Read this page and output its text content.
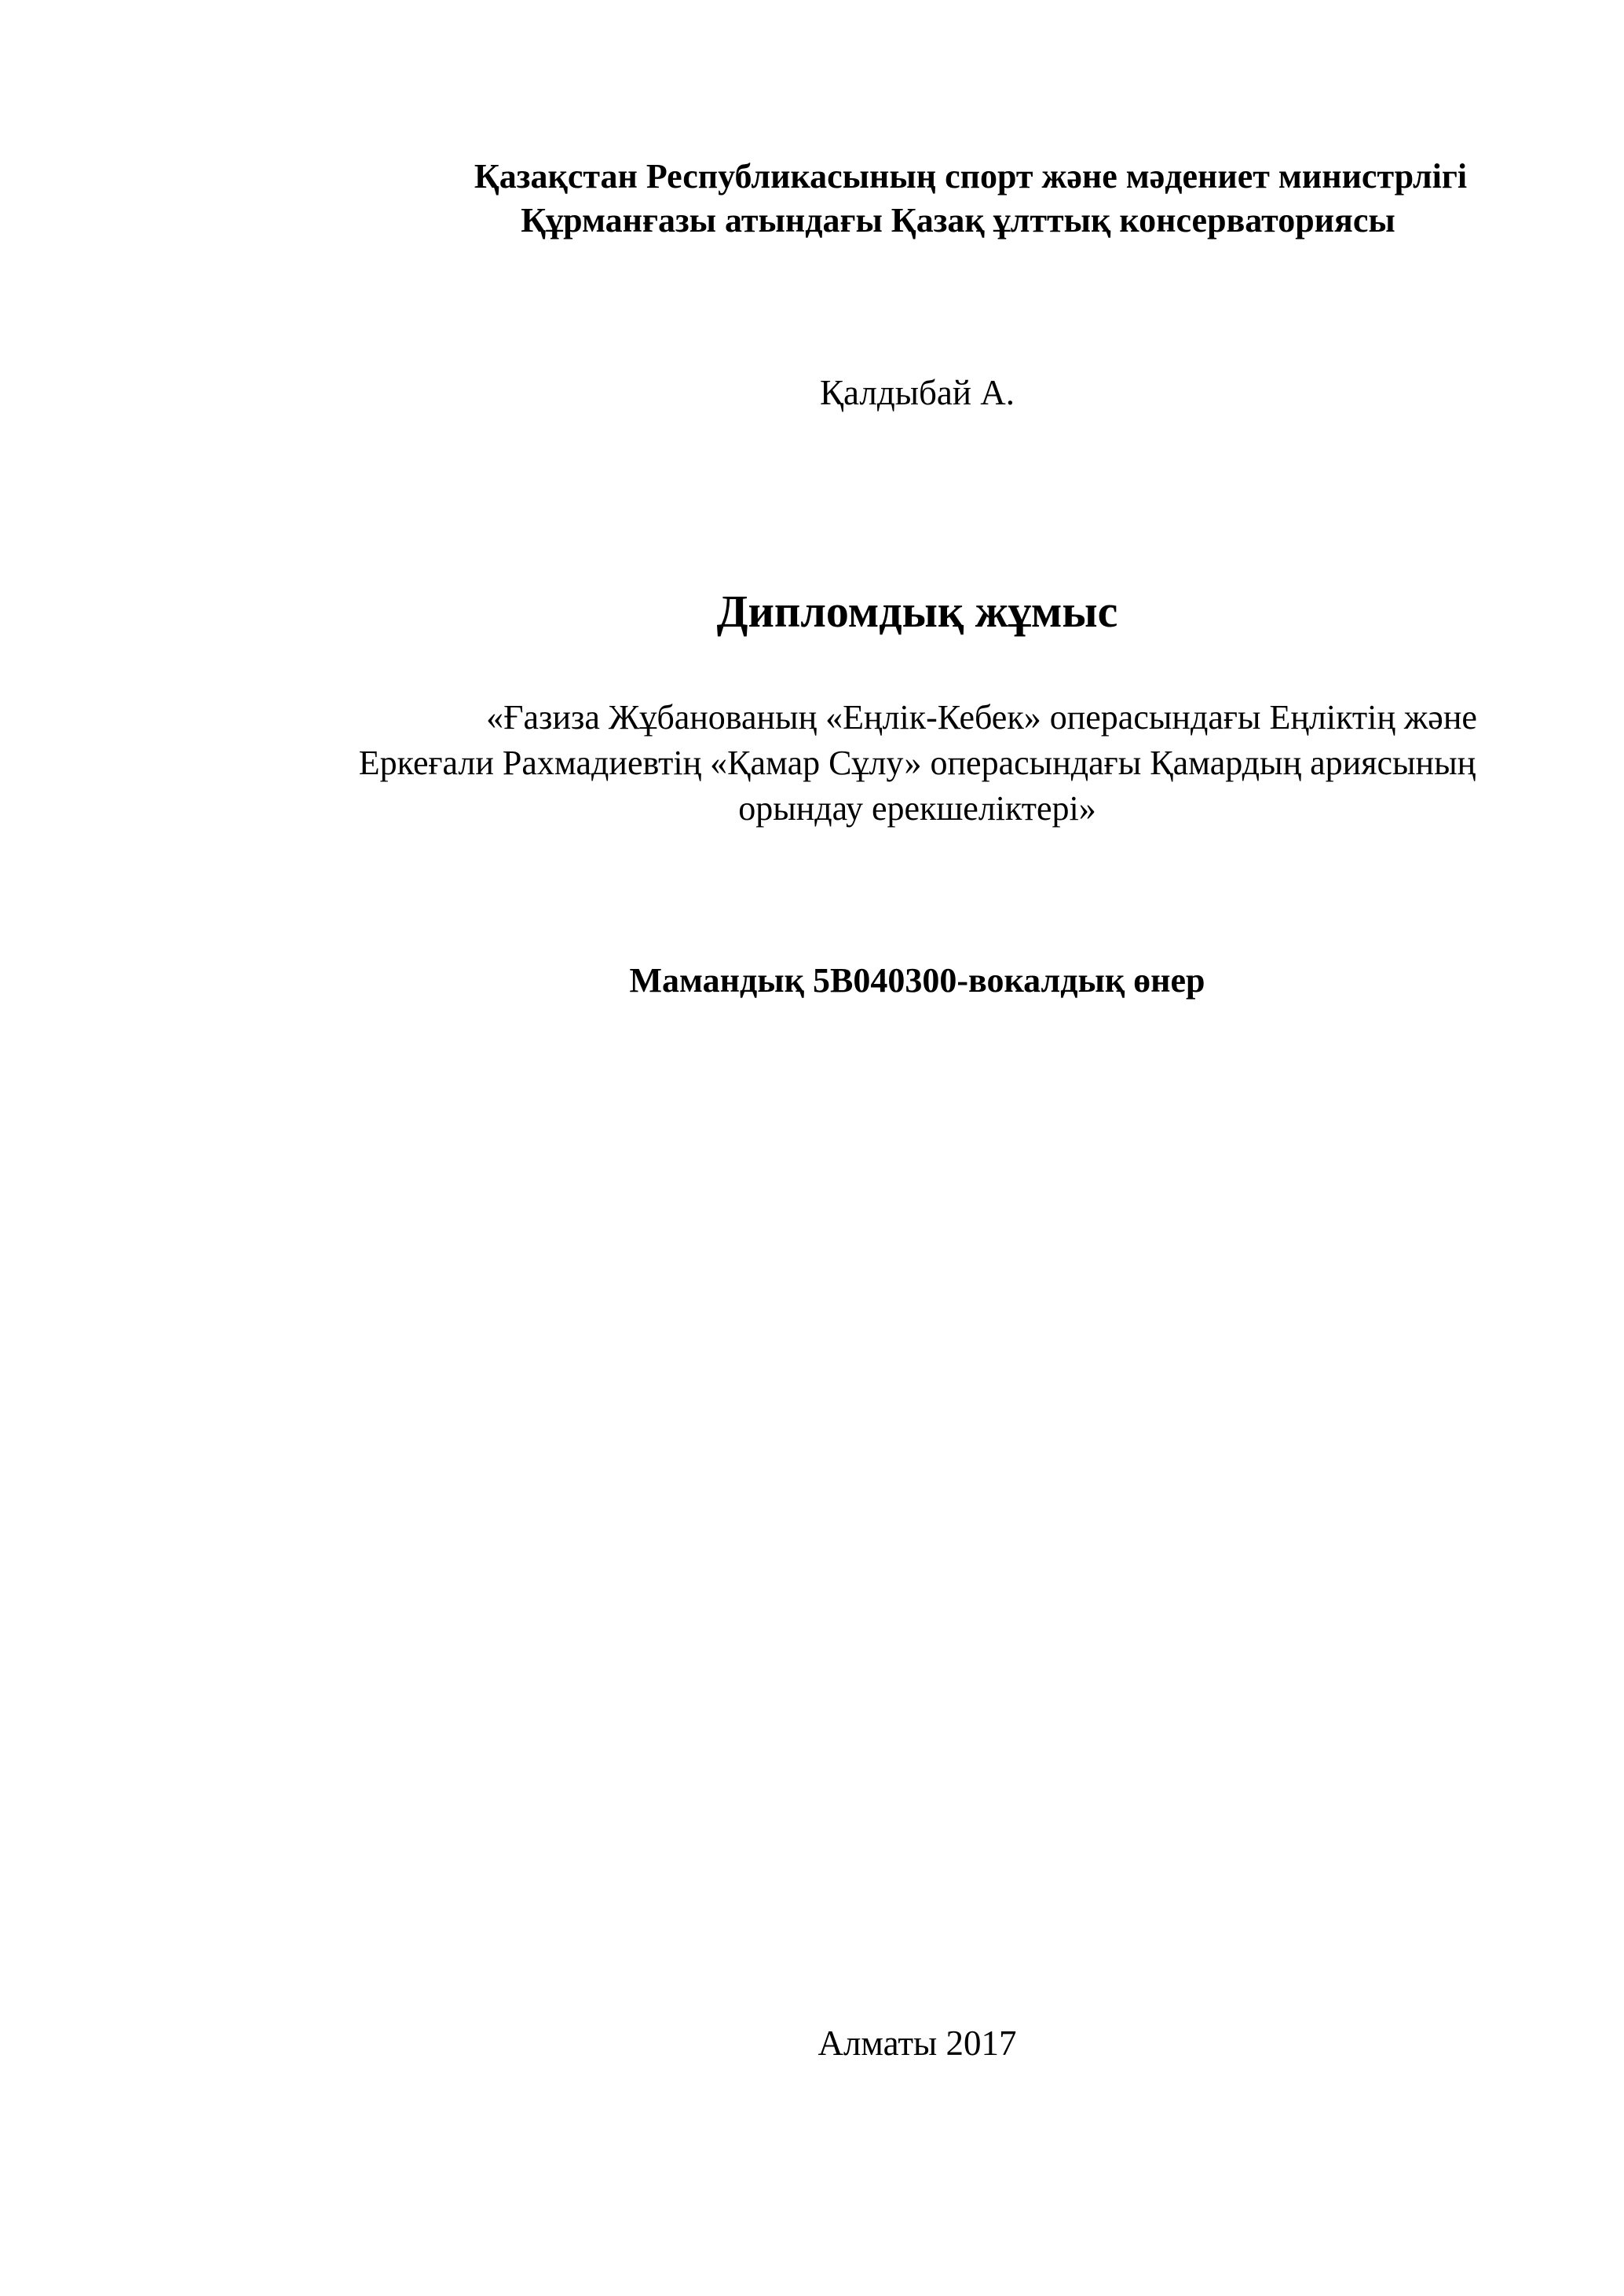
Қазақстан Республикасының спорт және мәдениет министрлігі
Құрманғазы атындағы Қазақ ұлттық консерваториясы
Қалдыбай А.
Дипломдық жұмыс
«Ғазиза Жұбанованың «Еңлік-Кебек» операсындағы Еңліктің және
Еркеғали Рахмадиевтің «Қамар Сұлу» операсындағы Қамардың ариясының
орындау ерекшеліктері»
Мамандық 5В040300-вокалдық өнер
Алматы 2017
